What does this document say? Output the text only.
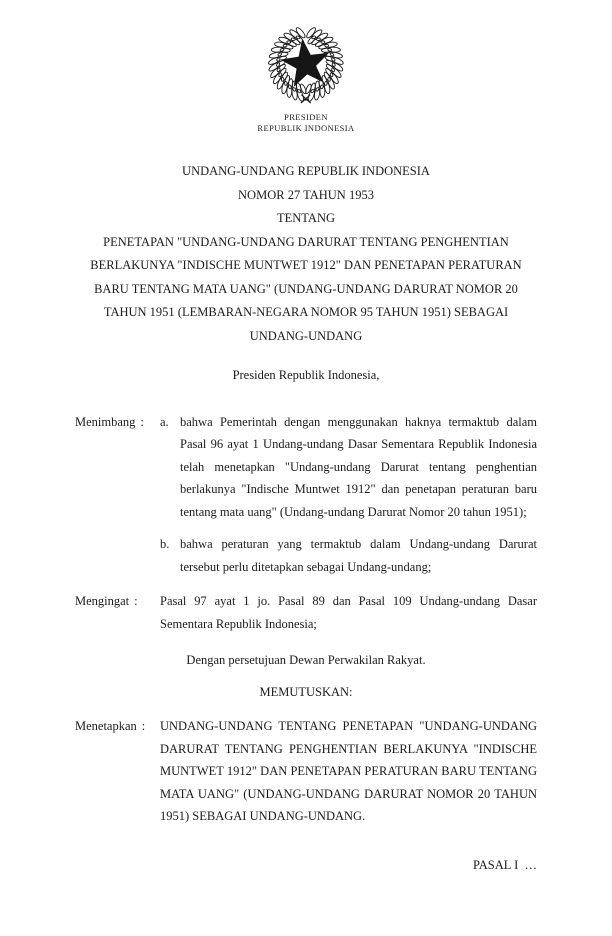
PRESIDEN
REPUBLIK INDONESIA
UNDANG-UNDANG REPUBLIK INDONESIA
NOMOR 27 TAHUN 1953
TENTANG
PENETAPAN "UNDANG-UNDANG DARURAT TENTANG PENGHENTIAN
BERLAKUNYA "INDISCHE MUNTWET 1912" DAN PENETAPAN PERATURAN
BARU TENTANG MATA UANG" (UNDANG-UNDANG DARURAT NOMOR 20
TAHUN 1951 (LEMBARAN-NEGARA NOMOR 95 TAHUN 1951) SEBAGAI
UNDANG-UNDANG
Presiden Republik Indonesia,
Menimbang :	a. bahwa Pemerintah dengan menggunakan haknya termaktub dalam Pasal 96 ayat 1 Undang-undang Dasar Sementara Republik Indonesia telah menetapkan "Undang-undang Darurat tentang penghentian berlakunya "Indische Muntwet 1912" dan penetapan peraturan baru tentang mata uang" (Undang-undang Darurat Nomor 20 tahun 1951);
b. bahwa peraturan yang termaktub dalam Undang-undang Darurat tersebut perlu ditetapkan sebagai Undang-undang;
Mengingat :	Pasal 97 ayat 1 jo. Pasal 89 dan Pasal 109 Undang-undang Dasar Sementara Republik Indonesia;
Dengan persetujuan Dewan Perwakilan Rakyat.
MEMUTUSKAN:
Menetapkan :	UNDANG-UNDANG TENTANG PENETAPAN "UNDANG-UNDANG DARURAT TENTANG PENGHENTIAN BERLAKUNYA "INDISCHE MUNTWET 1912" DAN PENETAPAN PERATURAN BARU TENTANG MATA UANG" (UNDANG-UNDANG DARURAT NOMOR 20 TAHUN 1951) SEBAGAI UNDANG-UNDANG.
PASAL I  …
